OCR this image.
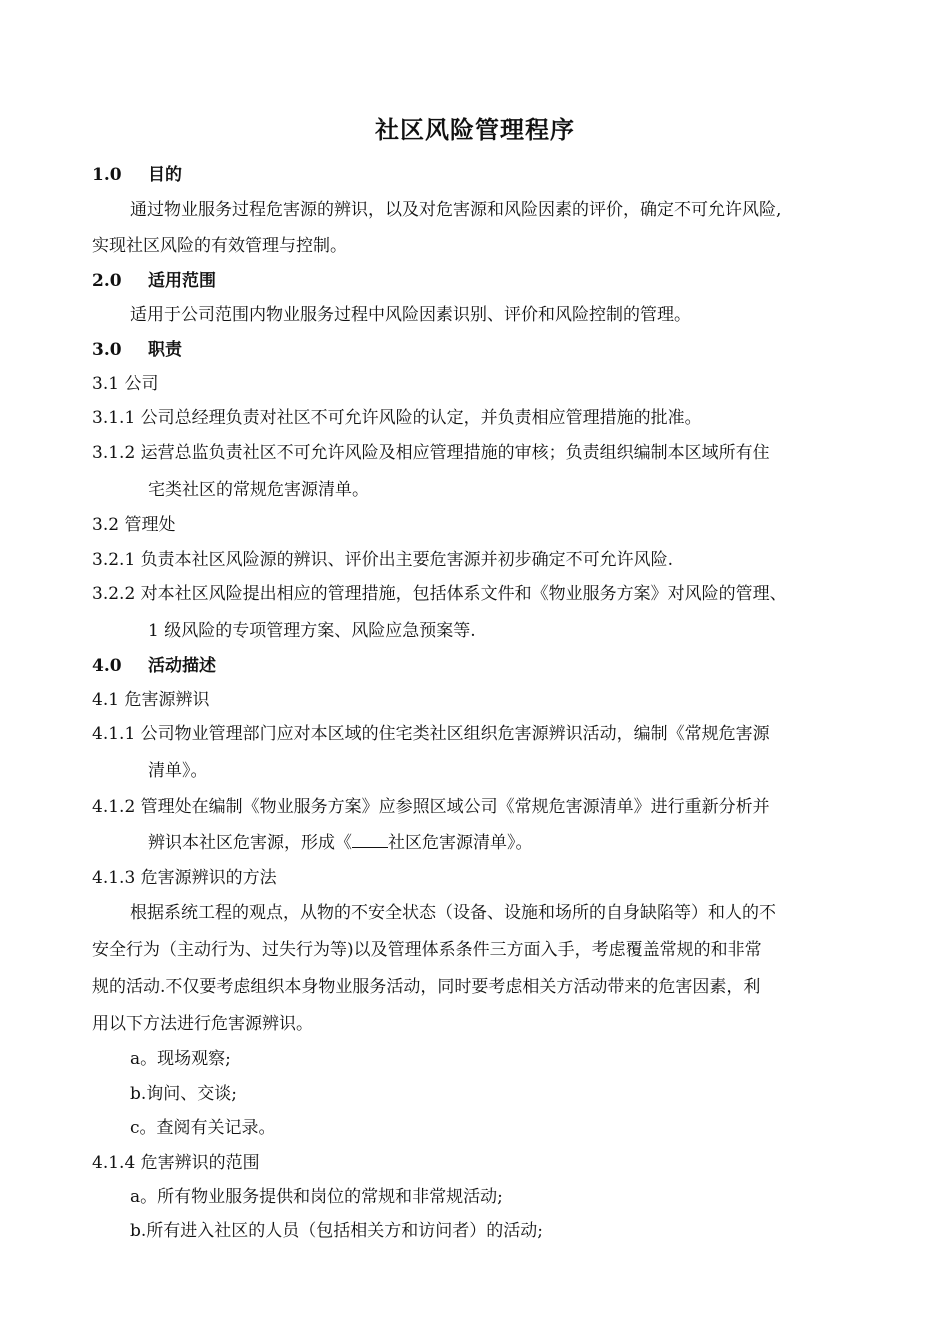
社区风险管理程序
1.0 目的
通过物业服务过程危害源的辨识，以及对危害源和风险因素的评价，确定不可允许风险,
实现社区风险的有效管理与控制。
2.0 适用范围
适用于公司范围内物业服务过程中风险因素识别、评价和风险控制的管理。
3.0 职责
3.1 公司
3.1.1 公司总经理负责对社区不可允许风险的认定，并负责相应管理措施的批准。
3.1.2 运营总监负责社区不可允许风险及相应管理措施的审核；负责组织编制本区域所有住
宅类社区的常规危害源清单。
3.2 管理处
3.2.1 负责本社区风险源的辨识、评价出主要危害源并初步确定不可允许风险.
3.2.2 对本社区风险提出相应的管理措施，包括体系文件和《物业服务方案》对风险的管理、
1 级风险的专项管理方案、风险应急预案等.
4.0 活动描述
4.1 危害源辨识
4.1.1 公司物业管理部门应对本区域的住宅类社区组织危害源辨识活动，编制《常规危害源
清单》。
4.1.2 管理处在编制《物业服务方案》应参照区域公司《常规危害源清单》进行重新分析并
辨识本社区危害源，形成《 社区危害源清单》。
4.1.3 危害源辨识的方法
根据系统工程的观点，从物的不安全状态（设备、设施和场所的自身缺陷等）和人的不
安全行为（主动行为、过失行为等)以及管理体系条件三方面入手，考虑覆盖常规的和非常
规的活动.不仅要考虑组织本身物业服务活动，同时要考虑相关方活动带来的危害因素，利
用以下方法进行危害源辨识。
a。现场观察;
b.询问、交谈;
c。查阅有关记录。
4.1.4 危害辨识的范围
a。所有物业服务提供和岗位的常规和非常规活动;
b.所有进入社区的人员（包括相关方和访问者）的活动;
